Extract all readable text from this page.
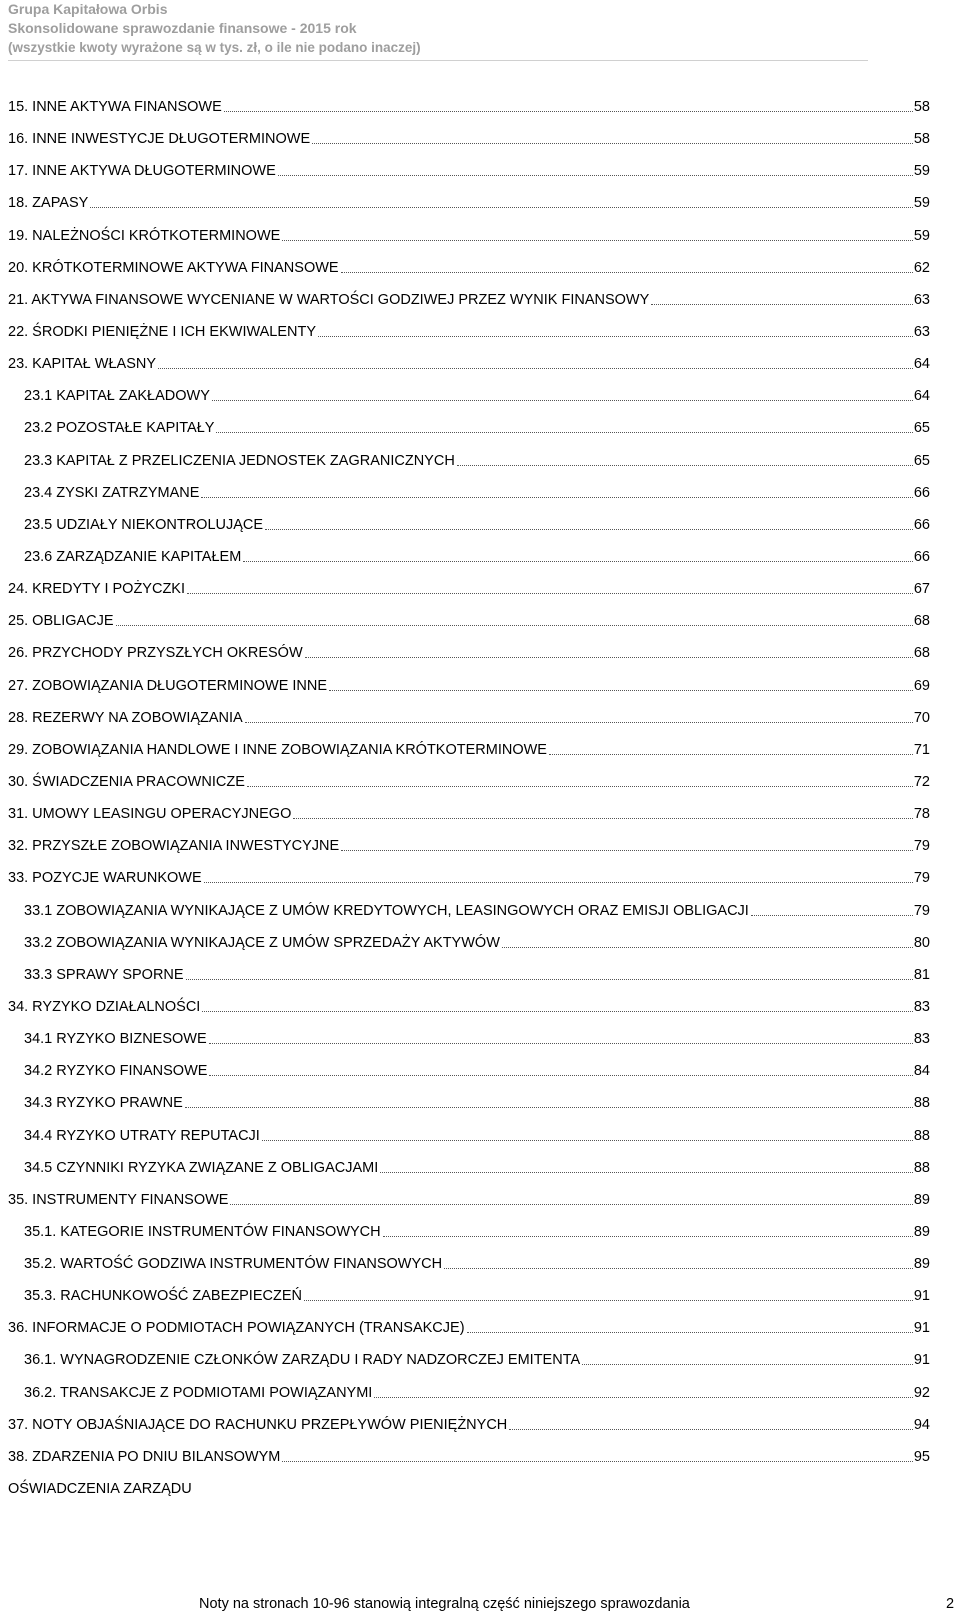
Grupa Kapitałowa Orbis
Skonsolidowane sprawozdanie finansowe - 2015 rok
(wszystkie kwoty wyrażone są w tys. zł, o ile nie podano inaczej)
15. INNE AKTYWA FINANSOWE	58
16. INNE INWESTYCJE DŁUGOTERMINOWE	58
17. INNE AKTYWA DŁUGOTERMINOWE	59
18. ZAPASY	59
19. NALEŻNOŚCI KRÓTKOTERMINOWE	59
20. KRÓTKOTERMINOWE AKTYWA FINANSOWE	62
21. AKTYWA FINANSOWE WYCENIANE W WARTOŚCI GODZIWEJ PRZEZ WYNIK FINANSOWY	63
22. ŚRODKI PIENIĘŻNE I ICH EKWIWALENTY	63
23. KAPITAŁ WŁASNY	64
23.1 KAPITAŁ ZAKŁADOWY	64
23.2 POZOSTAŁE KAPITAŁY	65
23.3 KAPITAŁ Z PRZELICZENIA JEDNOSTEK ZAGRANICZNYCH	65
23.4 ZYSKI ZATRZYMANE	66
23.5 UDZIAŁY NIEKONTROLUJĄCE	66
23.6 ZARZĄDZANIE KAPITAŁEM	66
24. KREDYTY I POŻYCZKI	67
25. OBLIGACJE	68
26. PRZYCHODY PRZYSZŁYCH OKRESÓW	68
27. ZOBOWIĄZANIA DŁUGOTERMINOWE INNE	69
28. REZERWY NA ZOBOWIĄZANIA	70
29. ZOBOWIĄZANIA HANDLOWE I INNE ZOBOWIĄZANIA KRÓTKOTERMINOWE	71
30. ŚWIADCZENIA PRACOWNICZE	72
31. UMOWY LEASINGU OPERACYJNEGO	78
32. PRZYSZŁE ZOBOWIĄZANIA INWESTYCYJNE	79
33. POZYCJE WARUNKOWE	79
33.1 ZOBOWIĄZANIA WYNIKAJĄCE Z UMÓW KREDYTOWYCH, LEASINGOWYCH ORAZ EMISJI OBLIGACJI	79
33.2 ZOBOWIĄZANIA WYNIKAJĄCE Z UMÓW SPRZEDAŻY AKTYWÓW	80
33.3 SPRAWY SPORNE	81
34. RYZYKO DZIAŁALNOŚCI	83
34.1 RYZYKO BIZNESOWE	83
34.2 RYZYKO FINANSOWE	84
34.3 RYZYKO PRAWNE	88
34.4 RYZYKO UTRATY REPUTACJI	88
34.5 CZYNNIKI RYZYKA ZWIĄZANE Z OBLIGACJAMI	88
35. INSTRUMENTY FINANSOWE	89
35.1. KATEGORIE INSTRUMENTÓW FINANSOWYCH	89
35.2. WARTOŚĆ GODZIWA INSTRUMENTÓW FINANSOWYCH	89
35.3. RACHUNKOWOŚĆ ZABEZPIECZEŃ	91
36. INFORMACJE O PODMIOTACH POWIĄZANYCH (TRANSAKCJE)	91
36.1. WYNAGRODZENIE CZŁONKÓW ZARZĄDU I RADY NADZORCZEJ EMITENTA	91
36.2. TRANSAKCJE Z PODMIOTAMI POWIĄZANYMI	92
37. NOTY OBJAŚNIAJĄCE DO RACHUNKU PRZEPŁYWÓW PIENIĘŻNYCH	94
38. ZDARZENIA PO DNIU BILANSOWYM	95
OŚWIADCZENIA ZARZĄDU
Noty na stronach 10-96 stanowią integralną część niniejszego sprawozdania	2
